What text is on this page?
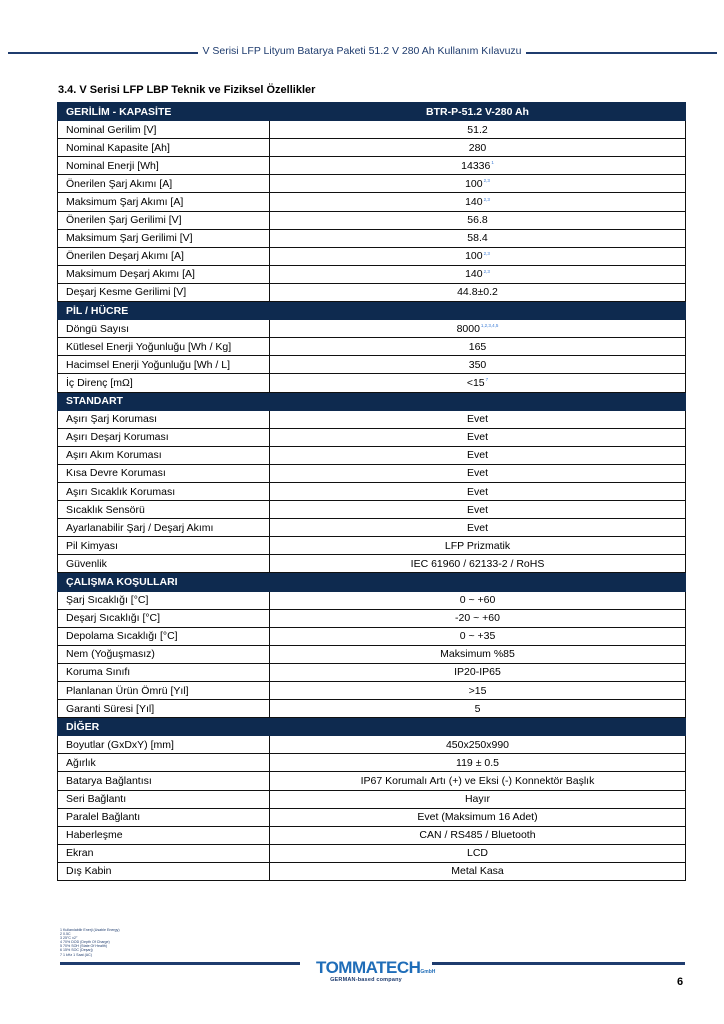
V Serisi LFP Lityum Batarya Paketi 51.2 V 280 Ah Kullanım Kılavuzu
3.4. V Serisi LFP LBP Teknik ve Fiziksel Özellikler
GERİLİM - KAPASİTE	BTR-P-51.2 V-280 Ah
Nominal Gerilim [V]	51.2
Nominal Kapasite [Ah]	280
Nominal Enerji [Wh]	14336$^1$
Önerilen Şarj Akımı [A]	100$^{2,3}$
Maksimum Şarj Akımı [A]	140$^{2,3}$
Önerilen Şarj Gerilimi [V]	56.8
Maksimum Şarj Gerilimi [V]	58.4
Önerilen Deşarj Akımı [A]	100$^{2,3}$
Maksimum Deşarj Akımı [A]	140$^{2,3}$
Deşarj Kesme Gerilimi [V]	44.8±0.2
PİL / HÜCRE	
Döngü Sayısı	8000$^{1,2,3,4,5}$
Kütlesel Enerji Yoğunluğu [Wh / Kg]	165
Hacimsel Enerji Yoğunluğu [Wh / L]	350
İç Direnç [mΩ]	$<15^7$
STANDART	
Aşırı Şarj Koruması	Evet
Aşırı Deşarj Koruması	Evet
Aşırı Akım Koruması	Evet
Kısa Devre Koruması	Evet
Aşırı Sıcaklık Koruması	Evet
Sıcaklık Sensörü	Evet
Ayarlanabilir Şarj / Deşarj Akımı	Evet
Pil Kimyası	LFP Prizmatik
Güvenlik	IEC 61960 / 62133-2 / RoHS
ÇALIŞMA KOŞULLARI	
Şarj Sıcaklığı [°C]	0 ~ +60
Deşarj Sıcaklığı [°C]	-20 ~ +60
Depolama Sıcaklığı [°C]	0 ~ +35
Nem (Yoğuşmasız)	Maksimum %85
Koruma Sınıfı	IP20-IP65
Planlanan Ürün Ömrü [Yıl]	>15
Garanti Süresi [Yıl]	5
DİĞER	
Boyutlar (GxDxY) [mm]	450x250x990
Ağırlık	119 ± 0.5
Batarya Bağlantısı	IP67 Korumalı Artı (+) ve Eksi (-) Konnektör Başlık
Seri Bağlantı	Hayır
Paralel Bağlantı	Evet (Maksimum 16 Adet)
Haberleşme	CAN / RS485 / Bluetooth
Ekran	LCD
Dış Kabin	Metal Kasa
1 Kullanılabilir Enerji (Usable Energy)
2 0.5C
3 25°C ±2°
4 70% DOD (Depth Of Charge)
5 70% SOH (State Of Health)
6 15% SOC (Deşarj)
7 1 kHz 1 Saat (AC)
TOMMATECHGmbH
GERMAN-based company	6
